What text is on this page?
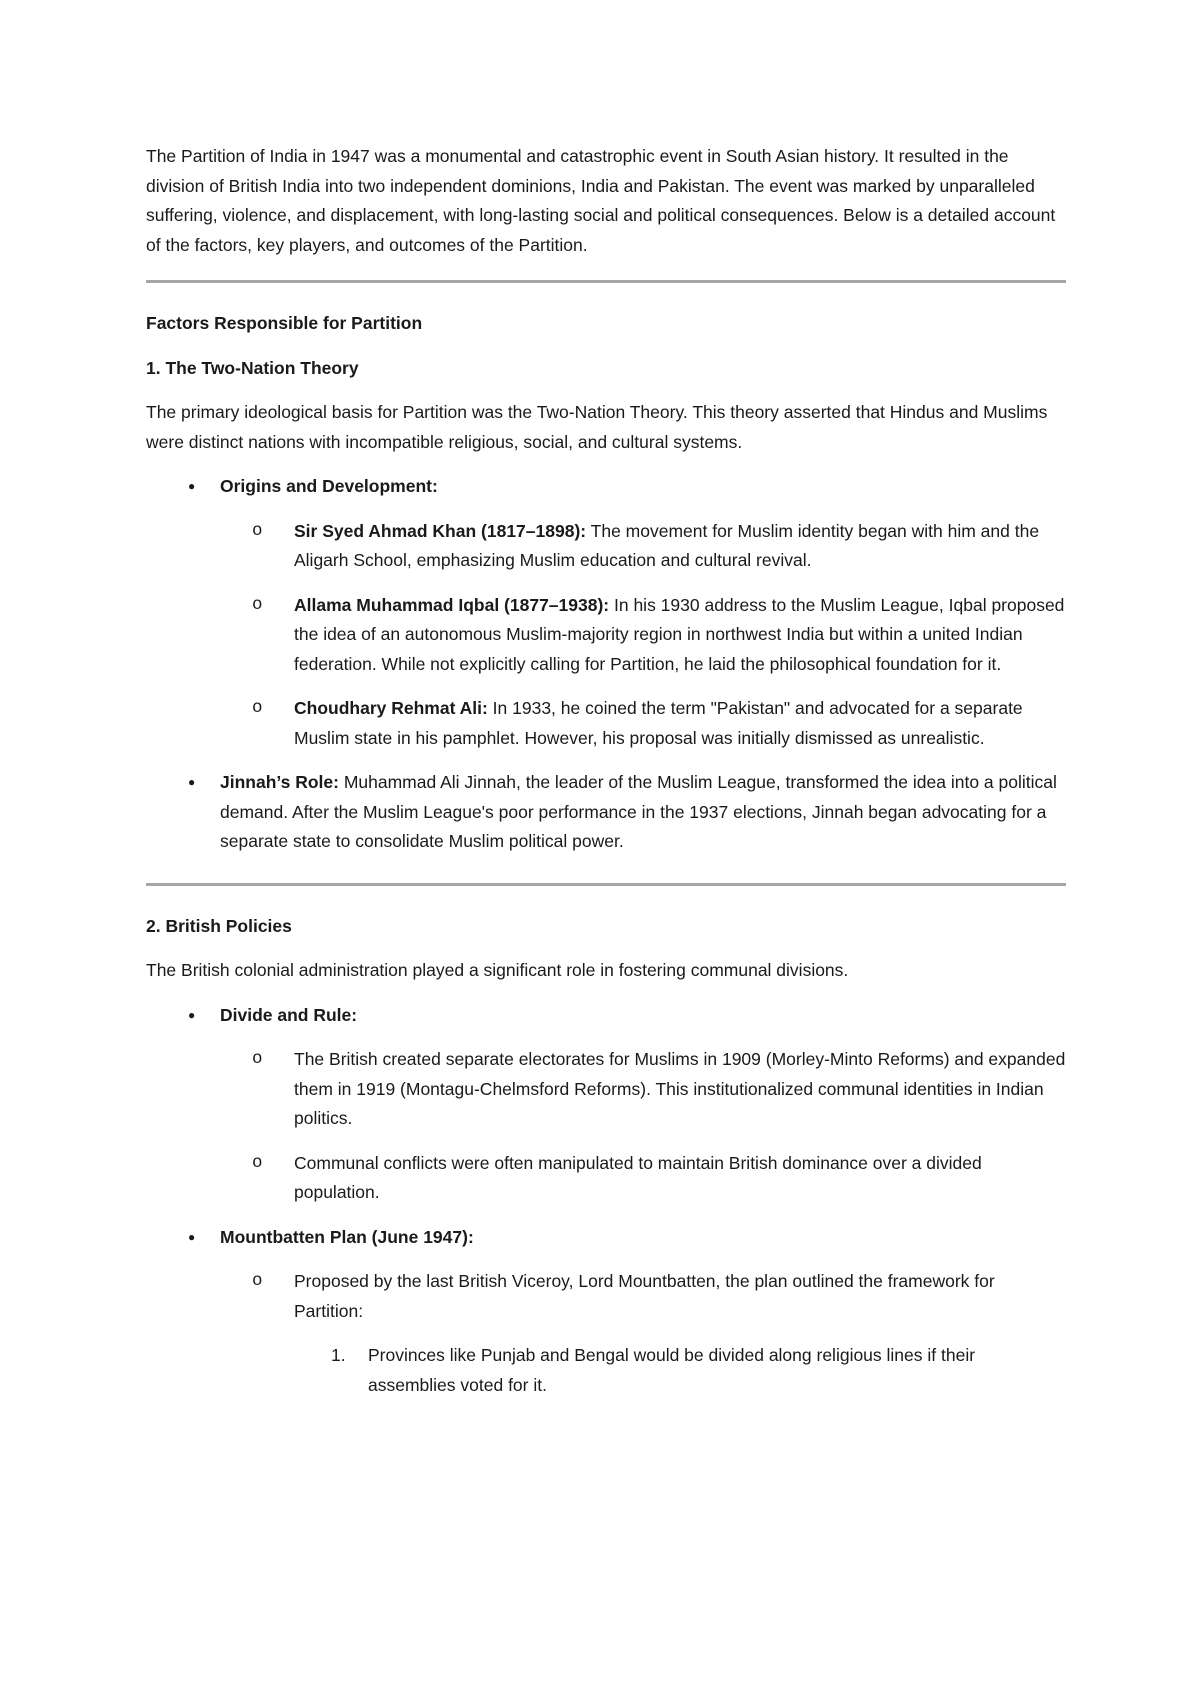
The Partition of India in 1947 was a monumental and catastrophic event in South Asian history. It resulted in the division of British India into two independent dominions, India and Pakistan. The event was marked by unparalleled suffering, violence, and displacement, with long-lasting social and political consequences. Below is a detailed account of the factors, key players, and outcomes of the Partition.

Factors Responsible for Partition

1. The Two-Nation Theory

The primary ideological basis for Partition was the Two-Nation Theory. This theory asserted that Hindus and Muslims were distinct nations with incompatible religious, social, and cultural systems.

● Origins and Development:
o Sir Syed Ahmad Khan (1817–1898): The movement for Muslim identity began with him and the Aligarh School, emphasizing Muslim education and cultural revival.
o Allama Muhammad Iqbal (1877–1938): In his 1930 address to the Muslim League, Iqbal proposed the idea of an autonomous Muslim-majority region in northwest India but within a united Indian federation. While not explicitly calling for Partition, he laid the philosophical foundation for it.
o Choudhary Rehmat Ali: In 1933, he coined the term "Pakistan" and advocated for a separate Muslim state in his pamphlet. However, his proposal was initially dismissed as unrealistic.
● Jinnah’s Role: Muhammad Ali Jinnah, the leader of the Muslim League, transformed the idea into a political demand. After the Muslim League's poor performance in the 1937 elections, Jinnah began advocating for a separate state to consolidate Muslim political power.

2. British Policies

The British colonial administration played a significant role in fostering communal divisions.

● Divide and Rule:
o The British created separate electorates for Muslims in 1909 (Morley-Minto Reforms) and expanded them in 1919 (Montagu-Chelmsford Reforms). This institutionalized communal identities in Indian politics.
o Communal conflicts were often manipulated to maintain British dominance over a divided population.
● Mountbatten Plan (June 1947):
o Proposed by the last British Viceroy, Lord Mountbatten, the plan outlined the framework for Partition:
1. Provinces like Punjab and Bengal would be divided along religious lines if their assemblies voted for it.
